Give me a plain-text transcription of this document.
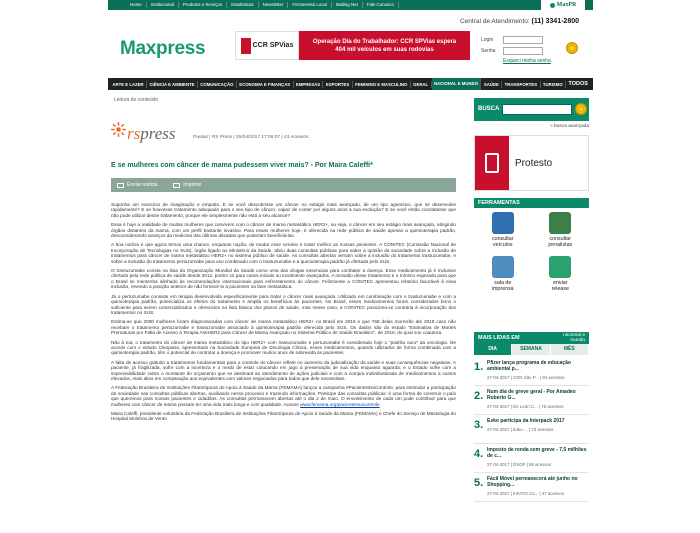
Home	Institucional	Produtos e Serviços	Estatísticas	Newsletter	Ferramenta Local	Mailing Net	Fale Conosco	MaxPR
Central de Atendimento: (11) 3341-2800
Maxpress	CCR SPVias
Operação Dia do Trabalhador: CCR SPVias espera
404 mil veículos em suas rodovias
Login
Senha
Esqueci minha senha
»
ARTE E LAZER	CIÊNCIA E AMBIENTE	COMUNICAÇÃO	ECONOMIA E FINANÇAS	EMPRESAS	ESPORTES	FEMININO E MASCULINO	GERAL	NACIONAL E MUNDO	SAÚDE	TRANSPORTES	TURISMO	TODOS
Leitura de conteúdo
rspress	Pautas | RS Press | 26/04/2017 17:05:07 | 43 Acessos
E se mulheres com câncer de mama pudessem viver mais? - Por Maira Caleffi*
Enviar notícia	Imprimir

Suponha um exercício de imaginação e empatia: E se você descobrisse um câncer no estágio mais avançado, de um tipo agressivo, que se desenvolve rapidamente? E se houvesse tratamento adequado para o seu tipo de câncer, capaz de conter por alguns anos a sua evolução? E se você então constatasse que não pode utilizar desse tratamento, porque ele simplesmente não está a seu alcance?

Essa é hoje a realidade de muitas mulheres que convivem com o câncer de mama metastático HER2+, ou seja, o câncer em seu estágio mais avançado, atingindo órgãos distantes da mama, com um perfil bastante invasivo. Para essas mulheres hoje, é oferecida na rede pública de saúde apenas a quimioterapia padrão, desconsiderando avanços da medicina das últimas décadas que poderiam beneficiá-las.

A boa notícia é que agora temos uma chance, enquanto nação, de mudar esse cenário e tratar melhor as nossas pacientes. A CONITEC (Comissão Nacional de Incorporação de Tecnologias no SUS), órgão ligado ao Ministério da Saúde, abriu duas consultas públicas para saber a opinião da sociedade sobre a inclusão de tratamentos para câncer de mama metastático HER2+ no sistema público de saúde. As consultas abertas versam sobre a inclusão do tratamento trastuzumabe, e sobre a inclusão do tratamento pertuzumabe para uso combinado com o trastuzumabe e a quimioterapia padrão já ofertada pelo SUS.

O trastuzumabe consta na lista da Organização Mundial da Saúde como uma das drogas essenciais para combater a doença. Esse medicamento já é inclusive ofertado pela rede pública de saúde desde 2012, porém só para casos iniciais ou localmente avançados. A inclusão desse tratamento é o mínimo esperado para que o Brasil se mantenha alinhado às recomendações internacionais para enfrentamento do câncer. Felizmente a CONITEC apresentou relatório favorável à essa inclusão, revendo a posição anterior de não fornecê-lo a pacientes na fase metastática.

Já o pertuzumabe consiste em terapia desenvolvida especificamente para tratar o câncer mais avançado. Utilizado em combinação com o trastuzumabe e com a quimioterapia padrão, potencializa os efeitos do tratamento e amplia os benefícios às pacientes. No Brasil, esses medicamentos foram considerados bons o suficiente para serem comercializados e oferecidos na lista básica dos planos de saúde, mas nesse caso, a CONITEC posiciona-se contrária à incorporação dos tratamentos no SUS.

Estima-se que 2000 mulheres foram diagnosticadas com câncer de mama metastático HER2+ no Brasil em 2016 e que 768 delas morrerão até 2018 caso não recebam o tratamento pertuzumabe e trastuzumabe associado à quimioterapia padrão oferecida pelo SUS. Os dados são do estudo "Estimativa de Mortes Prematuras por Falta de Acesso à Terapia AntiHER2 para Câncer de Mama Avançado no Sistema Público de Saúde Brasileiro", de 2016, do qual sou coautora.

Não à toa, o tratamento do câncer de mama metastático do tipo HER2+ com trastuzumabe e pertuzumabe é considerado hoje o "padrão ouro" da oncologia. De acordo com o estudo Cleopatra, apresentado na Sociedade Europeia de Oncologia Clínica, esses medicamentos, quando utilizados de forma combinada com a quimioterapia padrão, têm o potencial de controlar a doença e promover muitos anos de sobrevida às pacientes.

A falta de acesso gratuito a tratamentos fundamentais para o controle do câncer reflete no aumento da judicialização da saúde e suas consequências negativas. A paciente, já fragilizada, sofre com a incerteza e o medo de estar colocando em jogo a preservação de sua vida enquanto aguarda; e o Estado sofre com a imprevisibilidade sobre o montante do orçamento que se destinará ao atendimento de ações judiciais e com a compra individualizada de medicamentos a custos elevados, mais altos em comparação aos equivalentes com valores negociados para todos que dele necessitam.

A Federação Brasileira de Instituições Filantrópicas de Apoio à Saúde da Mama (FEMAMA) lançou a campanha #PacientesNoControle, para estimular a participação da sociedade nas consultas públicas abertas, auxiliando nesse processo e trazendo informações. Participe das consultas públicas: é uma forma de construir o país que queremos para nossas pacientes e cidadãos. As consultas permanecem abertas até o dia 2 de maio. O envolvimento de cada um pode contribuir para que mulheres com câncer de mama possam ter uma vida mais longa e com qualidade. Acesse www.femama.org/pacientesnocontrole

Maira Caleffi, presidente voluntária da Federação Brasileira de Instituições Filantrópicas de Apoio à Saúde da Mama (FEMAMA) e Chefe do Serviço de Mastologia do Hospital Moinhos de Vento

BUSCA	»
» busca avançada
Pro testo
FERRAMENTAS
consultar
veículos
consultar
jornalistas
sala de
imprensa
enviar
release
MAIS LIDAS EM	nacional e
mundo
DIA	SEMANA	MÊS
1. Pfizer lança programa de educação ambiental p...
27-04-2017 | CDN São P... | 84 acessos
2. Num dia de greve geral - Por Amadeo Roberto G...
27-04-2017 | De León C... | 75 acessos
3. Exko participa da Interpack 2017
27-04-2017 | Exko ... | 73 acessos
4. Imposto de renda sem greve - 7,5 milhões de c...
27-04-2017 | DSOP | 58 acessos
5. Fácil Móvel permanecerá até junho no Shopping...
27-04-2017 | InFATO Co... | 47 acessos
